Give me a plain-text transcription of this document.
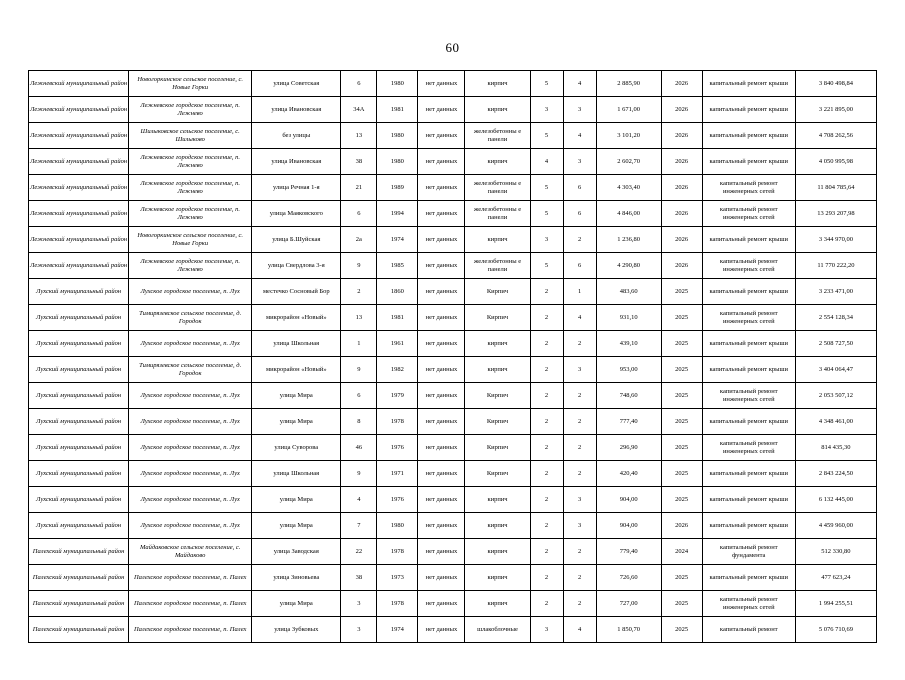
60
Лежневский муниципальный район	Новогоркинское сельское поселение, с. Новые Горки	улица Советская	6	1980	нет данных	кирпич	5	4	2 885,90	2026	капитальный ремонт крыши	3 840 498,84
Лежневский муниципальный район	Лежневское городское поселение, п. Лежнево	улица Ивановская	34А	1981	нет данных	кирпич	3	3	1 671,00	2026	капитальный ремонт крыши	3 221 895,00
Лежневский муниципальный район	Шилыковское сельское поселение, с. Шилыково	без улицы	13	1980	нет данных	железобетонны е панели	5	4	3 101,20	2026	капитальный ремонт крыши	4 708 262,56
Лежневский муниципальный район	Лежневское городское поселение, п. Лежнево	улица Ивановская	38	1980	нет данных	кирпич	4	3	2 602,70	2026	капитальный ремонт крыши	4 050 995,98
Лежневский муниципальный район	Лежневское городское поселение, п. Лежнево	улица Речная 1-я	21	1989	нет данных	железобетонны е панели	5	6	4 303,40	2026	капитальный ремонт инженерных сетей	11 804 785,64
Лежневский муниципальный район	Лежневское городское поселение, п. Лежнево	улица Маяковского	6	1994	нет данных	железобетонны е панели	5	6	4 846,00	2026	капитальный ремонт инженерных сетей	13 293 207,98
Лежневский муниципальный район	Новогоркинское сельское поселение, с. Новые Горки	улица Б.Шуйская	2а	1974	нет данных	кирпич	3	2	1 236,80	2026	капитальный ремонт крыши	3 344 970,00
Лежневский муниципальный район	Лежневское городское поселение, п. Лежнево	улица Свердлова 3-я	9	1985	нет данных	железобетонны е панели	5	6	4 290,80	2026	капитальный ремонт инженерных сетей	11 770 222,20
Лухский муниципальный район	Лухское городское поселение, п. Лух	местечко Сосновый Бор	2	1860	нет данных	Кирпич	2	1	483,60	2025	капитальный ремонт крыши	3 233 471,00
Лухский муниципальный район	Тимирязевское сельское поселение, д. Городок	микрорайон «Новый»	13	1981	нет данных	Кирпич	2	4	931,10	2025	капитальный ремонт инженерных сетей	2 554 128,34
Лухский муниципальный район	Лухское городское поселение, п. Лух	улица Школьная	1	1961	нет данных	кирпич	2	2	439,10	2025	капитальный ремонт крыши	2 508 727,50
Лухский муниципальный район	Тимирязевское сельское поселение, д. Городок	микрорайон «Новый»	9	1982	нет данных	кирпич	2	3	953,00	2025	капитальный ремонт крыши	3 404 064,47
Лухский муниципальный район	Лухское городское поселение, п. Лух	улица Мира	6	1979	нет данных	Кирпич	2	2	748,60	2025	капитальный ремонт инженерных сетей	2 053 507,12
Лухский муниципальный район	Лухское городское поселение, п. Лух	улица Мира	8	1978	нет данных	Кирпич	2	2	777,40	2025	капитальный ремонт крыши	4 348 461,00
Лухский муниципальный район	Лухское городское поселение, п. Лух	улица Суворова	46	1976	нет данных	Кирпич	2	2	296,90	2025	капитальный ремонт инженерных сетей	814 435,30
Лухский муниципальный район	Лухское городское поселение, п. Лух	улица Школьная	9	1971	нет данных	Кирпич	2	2	420,40	2025	капитальный ремонт крыши	2 843 224,50
Лухский муниципальный район	Лухское городское поселение, п. Лух	улица Мира	4	1976	нет данных	кирпич	2	3	904,00	2025	капитальный ремонт крыши	6 132 445,00
Лухский муниципальный район	Лухское городское поселение, п. Лух	улица Мира	7	1980	нет данных	кирпич	2	3	904,00	2026	капитальный ремонт крыши	4 459 960,00
Палехский муниципальный район	Майдаковское сельское поселение, с. Майдаково	улица Заводская	22	1978	нет данных	кирпич	2	2	779,40	2024	капитальный ремонт фундамента	512 330,80
Палехский муниципальный район	Палехское городское поселение, п. Палех	улица Зиновьева	38	1973	нет данных	кирпич	2	2	726,60	2025	капитальный ремонт крыши	477 623,24
Палехский муниципальный район	Палехское городское поселение, п. Палех	улица Мира	3	1978	нет данных	кирпич	2	2	727,00	2025	капитальный ремонт инженерных сетей	1 994 255,51
Палехский муниципальный район	Палехское городское поселение, п. Палех	улица Зубковых	3	1974	нет данных	шлакоблочные	3	4	1 850,70	2025	капитальный ремонт	5 076 710,69
